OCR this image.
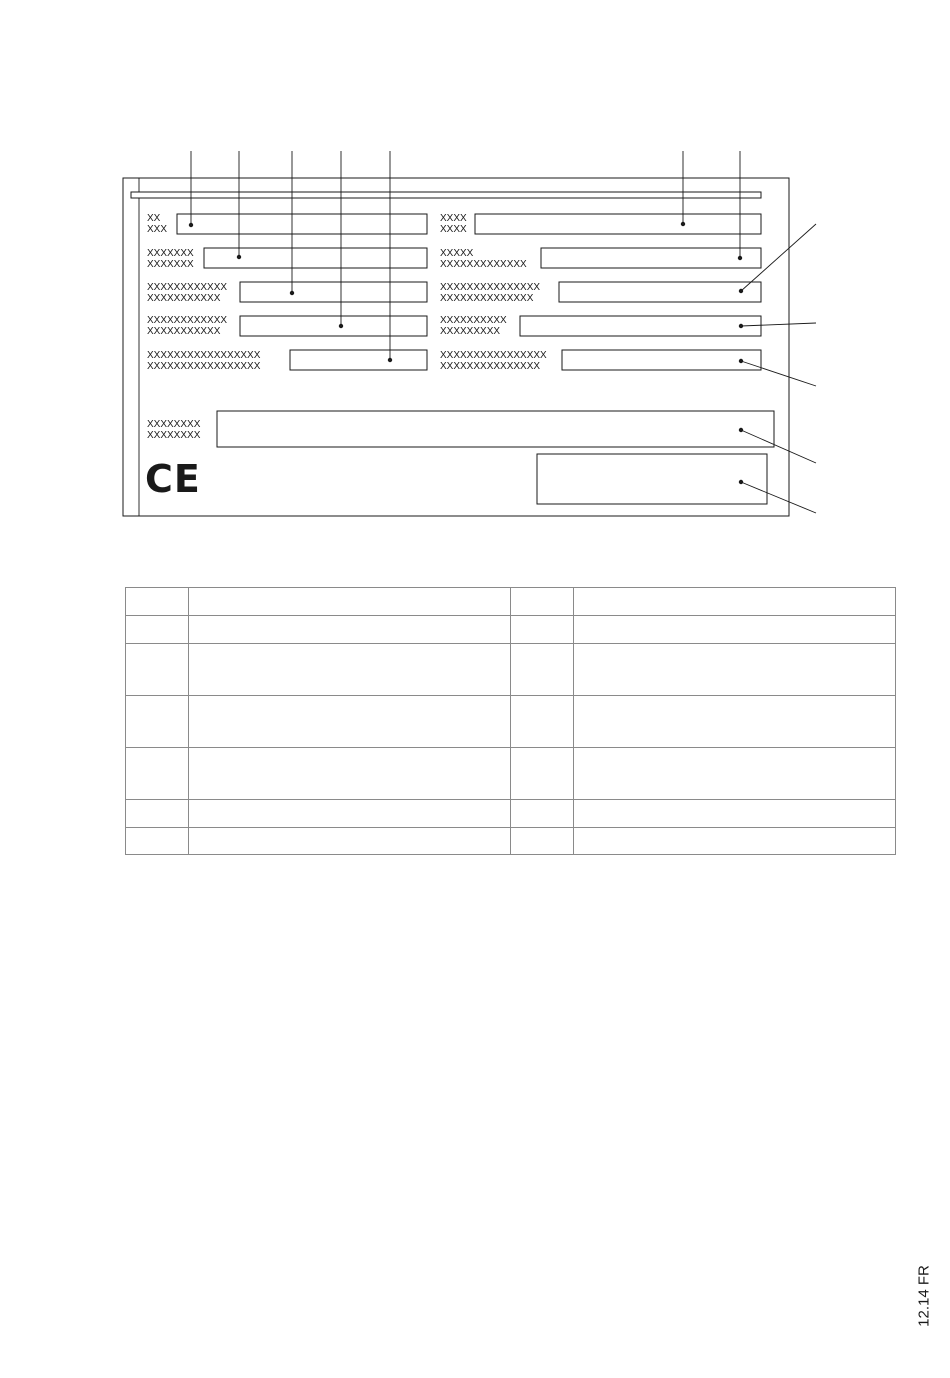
XX
XXX
XXXXXXX
XXXXXXX
XXXXXXXXXXXX
XXXXXXXXXXX
XXXXXXXXXXXX
XXXXXXXXXXX
XXXXXXXXXXXXXXXXX
XXXXXXXXXXXXXXXXX
XXXX
XXXX
XXXXX
XXXXXXXXXXXXX
XXXXXXXXXXXXXXX
XXXXXXXXXXXXXX
XXXXXXXXXX
XXXXXXXXX
XXXXXXXXXXXXXXXX
XXXXXXXXXXXXXXX
XXXXXXXX
XXXXXXXX
CE

12.14 FR
